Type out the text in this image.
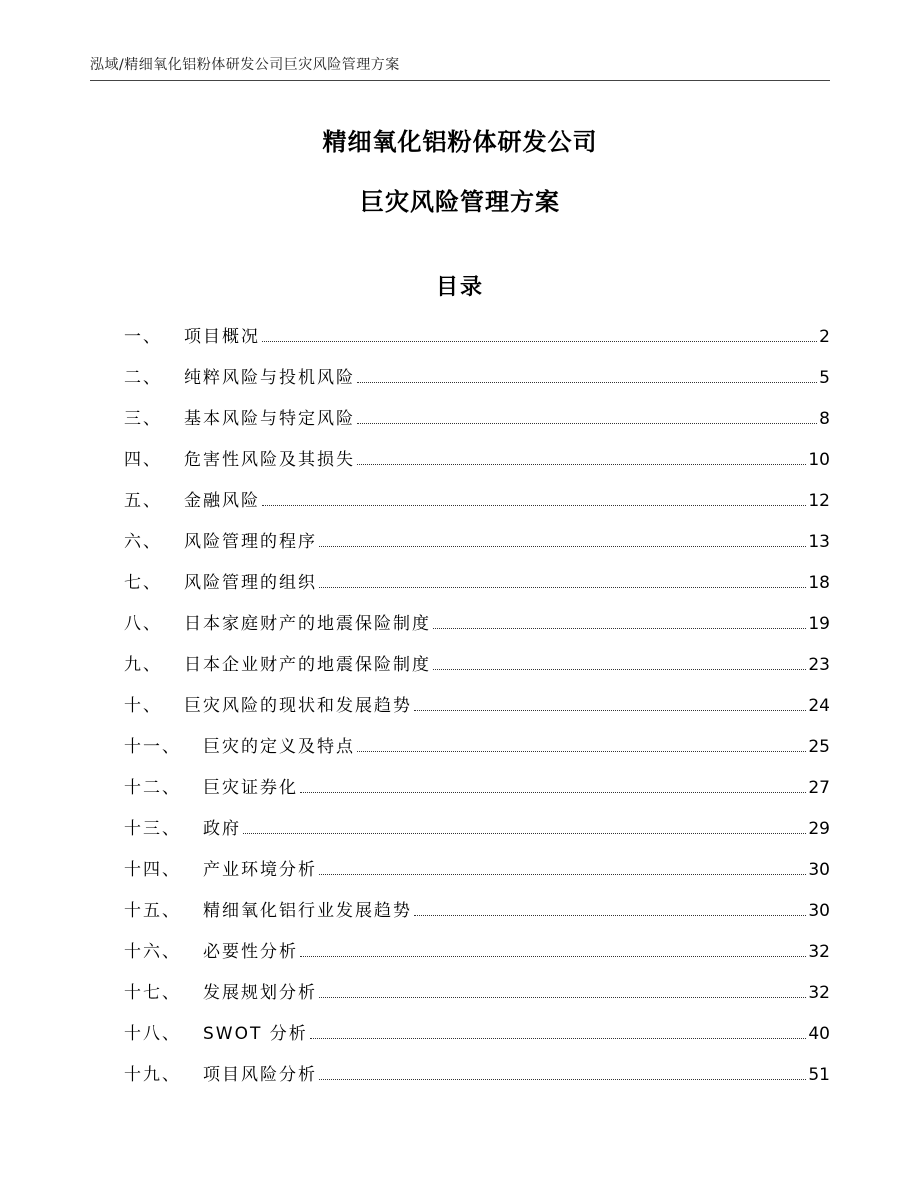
泓域/精细氧化铝粉体研发公司巨灾风险管理方案
精细氧化铝粉体研发公司
巨灾风险管理方案
目录
一、 项目概况	2
二、 纯粹风险与投机风险	5
三、 基本风险与特定风险	8
四、 危害性风险及其损失	10
五、 金融风险	12
六、 风险管理的程序	13
七、 风险管理的组织	18
八、 日本家庭财产的地震保险制度	19
九、 日本企业财产的地震保险制度	23
十、 巨灾风险的现状和发展趋势	24
十一、 巨灾的定义及特点	25
十二、 巨灾证券化	27
十三、 政府	29
十四、 产业环境分析	30
十五、 精细氧化铝行业发展趋势	30
十六、 必要性分析	32
十七、 发展规划分析	32
十八、 SWOT 分析	40
十九、 项目风险分析	51
